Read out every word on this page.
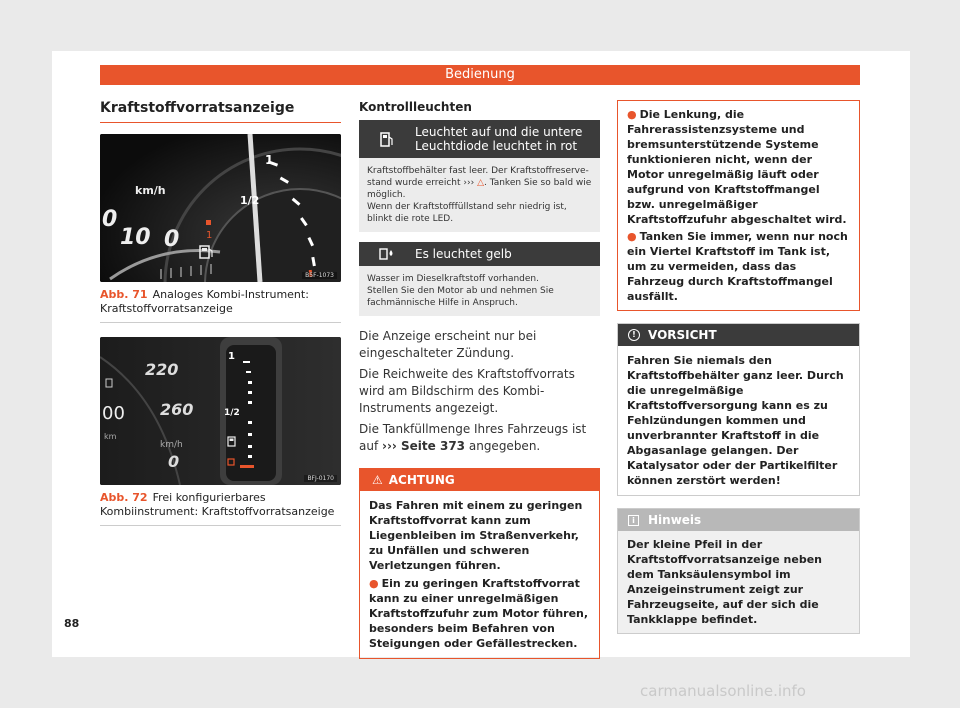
Bedienung
Kraftstoffvorratsanzeige
km/h
0
10 0
1
1/2
1
B5F-1073
Abb. 71 Analoges Kombi-Instrument: Kraftstoffvorratsanzeige
220
260
km/h
0
00
km
1
1/2
BFJ-0170
Abb. 72 Frei konfigurierbares Kombiinstrument: Kraftstoffvorratsanzeige
Kontrollleuchten
Leuchtet auf und die untere Leuchtdiode leuchtet in rot
Kraftstoffbehälter fast leer. Der Kraftstoffreserve-stand wurde erreicht ››› △. Tanken Sie so bald wie möglich.
Wenn der Kraftstofffüllstand sehr niedrig ist, blinkt die rote LED.
Es leuchtet gelb
Wasser im Dieselkraftstoff vorhanden.
Stellen Sie den Motor ab und nehmen Sie fachmännische Hilfe in Anspruch.

Die Anzeige erscheint nur bei eingeschalteter Zündung.

Die Reichweite des Kraftstoffvorrats wird am Bildschirm des Kombi-Instruments angezeigt.

Die Tankfüllmenge Ihres Fahrzeugs ist auf ››› Seite 373 angegeben.

⚠ ACHTUNG
Das Fahren mit einem zu geringen Kraftstoffvorrat kann zum Liegenbleiben im Straßenverkehr, zu Unfällen und schweren Verletzungen führen.
● Ein zu geringen Kraftstoffvorrat kann zu einer unregelmäßigen Kraftstoffzufuhr zum Motor führen, besonders beim Befahren von Steigungen oder Gefällestrecken.
● Die Lenkung, die Fahrerassistenzsysteme und bremsunterstützende Systeme funktionieren nicht, wenn der Motor unregelmäßig läuft oder aufgrund von Kraftstoffmangel bzw. unregelmäßiger Kraftstoffzufuhr abgeschaltet wird.
● Tanken Sie immer, wenn nur noch ein Viertel Kraftstoff im Tank ist, um zu vermeiden, dass das Fahrzeug durch Kraftstoffmangel ausfällt.
!	VORSICHT
Fahren Sie niemals den Kraftstoffbehälter ganz leer. Durch die unregelmäßige Kraftstoffversorgung kann es zu Fehlzündungen kommen und unverbrannter Kraftstoff in die Abgasanlage gelangen. Der Katalysator oder der Partikelfilter können zerstört werden!
i	Hinweis
Der kleine Pfeil in der Kraftstoffvorratsanzeige neben dem Tanksäulensymbol im Anzeigeinstrument zeigt zur Fahrzeugseite, auf der sich die Tankklappe befindet.
88
carmanualsonline.info
